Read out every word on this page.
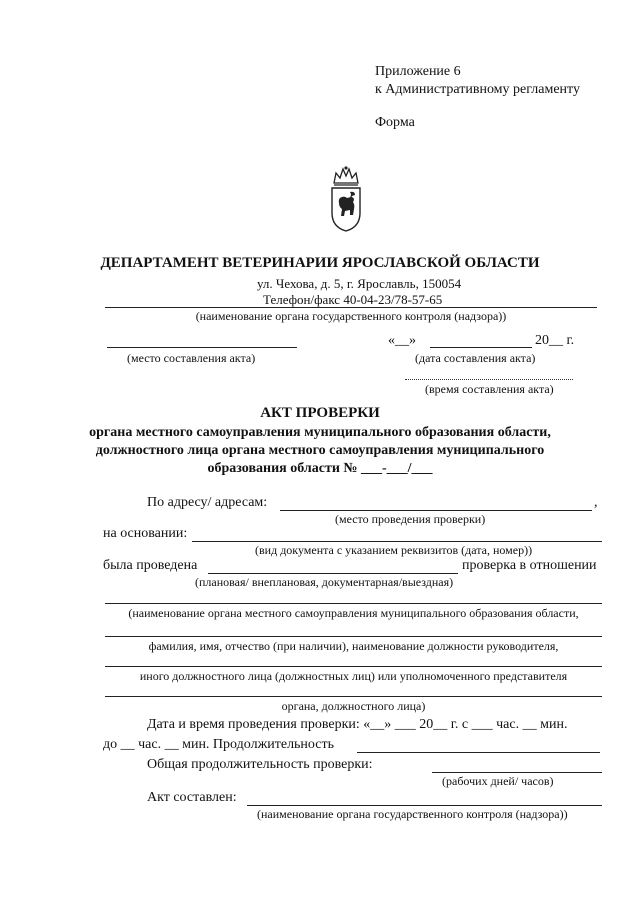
Приложение 6
к Административному регламенту
Форма
ДЕПАРТАМЕНТ ВЕТЕРИНАРИИ ЯРОСЛАВСКОЙ ОБЛАСТИ
ул. Чехова, д. 5, г. Ярославль, 150054
Телефон/факс 40-04-23/78-57-65
(наименование органа государственного контроля (надзора))
(место составления акта)
«__»	20__ г.
(дата составления акта)
(время составления акта)
АКТ ПРОВЕРКИ
органа местного самоуправления муниципального образования области,
должностного лица органа местного самоуправления муниципального
образования области № ___-___/___
По адресу/ адресам:	,
(место проведения проверки)
на основании:
(вид документа с указанием реквизитов (дата, номер))
была проведена	проверка в отношении
(плановая/ внеплановая, документарная/выездная)
(наименование органа местного самоуправления муниципального образования области,
фамилия, имя, отчество (при наличии), наименование должности руководителя,
иного должностного лица (должностных лиц) или уполномоченного представителя
органа, должностного лица)
Дата и время проведения проверки: «__» ___ 20__ г. с ___ час. __ мин.
до __ час. __ мин. Продолжительность
Общая продолжительность проверки:
(рабочих дней/ часов)
Акт составлен:
(наименование органа государственного контроля (надзора))
